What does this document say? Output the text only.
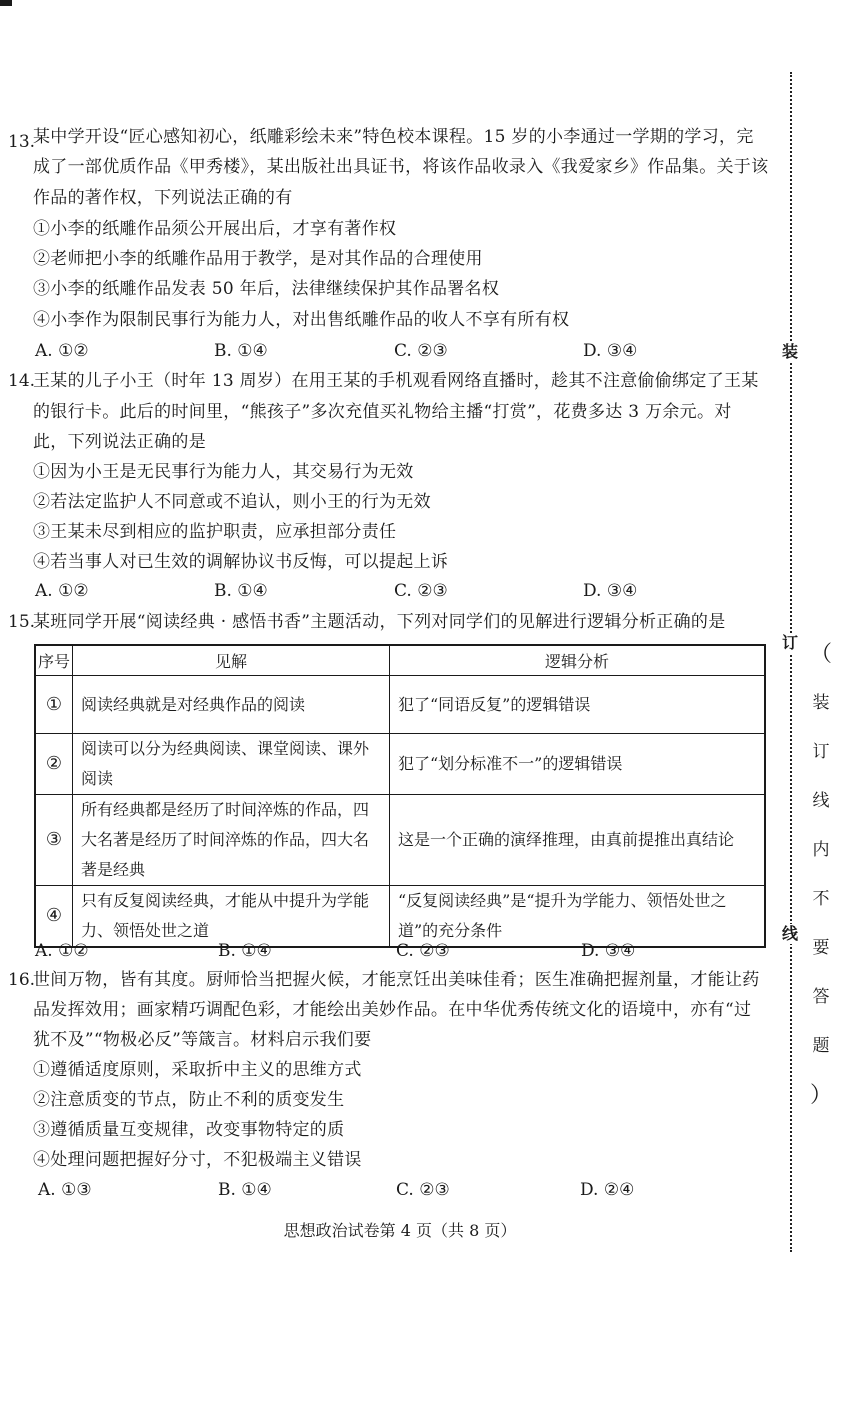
装
订
线
（
装
订
线
内
不
要
答
题
）
13.
某中学开设“匠心感知初心，纸雕彩绘未来”特色校本课程。15 岁的小李通过一学期的学习，完
成了一部优质作品《甲秀楼》，某出版社出具证书，将该作品收录入《我爱家乡》作品集。关于该
作品的著作权，下列说法正确的有
①小李的纸雕作品须公开展出后，才享有著作权
②老师把小李的纸雕作品用于教学，是对其作品的合理使用
③小李的纸雕作品发表 50 年后，法律继续保护其作品署名权
④小李作为限制民事行为能力人，对出售纸雕作品的收人不享有所有权
A. ①②	B. ①④	C. ②③	D. ③④
14.
王某的儿子小王（时年 13 周岁）在用王某的手机观看网络直播时，趁其不注意偷偷绑定了王某
的银行卡。此后的时间里，“熊孩子”多次充值买礼物给主播“打赏”，花费多达 3 万余元。对
此，下列说法正确的是
①因为小王是无民事行为能力人，其交易行为无效
②若法定监护人不同意或不追认，则小王的行为无效
③王某未尽到相应的监护职责，应承担部分责任
④若当事人对已生效的调解协议书反悔，可以提起上诉
A. ①②	B. ①④	C. ②③	D. ③④
15.
某班同学开展“阅读经典 · 感悟书香”主题活动，下列对同学们的见解进行逻辑分析正确的是
序号	见解	逻辑分析
①	阅读经典就是对经典作品的阅读	犯了“同语反复”的逻辑错误
②	阅读可以分为经典阅读、课堂阅读、课外阅读	犯了“划分标准不一”的逻辑错误
③	所有经典都是经历了时间淬炼的作品，四大名著是经历了时间淬炼的作品，四大名著是经典	这是一个正确的演绎推理，由真前提推出真结论
④	只有反复阅读经典，才能从中提升为学能力、领悟处世之道	“反复阅读经典”是“提升为学能力、领悟处世之道”的充分条件
A. ①②	B. ①④	C. ②③	D. ③④
16.
世间万物，皆有其度。厨师恰当把握火候，才能烹饪出美味佳肴；医生准确把握剂量，才能让药
品发挥效用；画家精巧调配色彩，才能绘出美妙作品。在中华优秀传统文化的语境中，亦有“过
犹不及”“物极必反”等箴言。材料启示我们要
①遵循适度原则，采取折中主义的思维方式
②注意质变的节点，防止不利的质变发生
③遵循质量互变规律，改变事物特定的质
④处理问题把握好分寸，不犯极端主义错误
A. ①③	B. ①④	C. ②③	D. ②④
思想政治试卷第 4 页（共 8 页）
